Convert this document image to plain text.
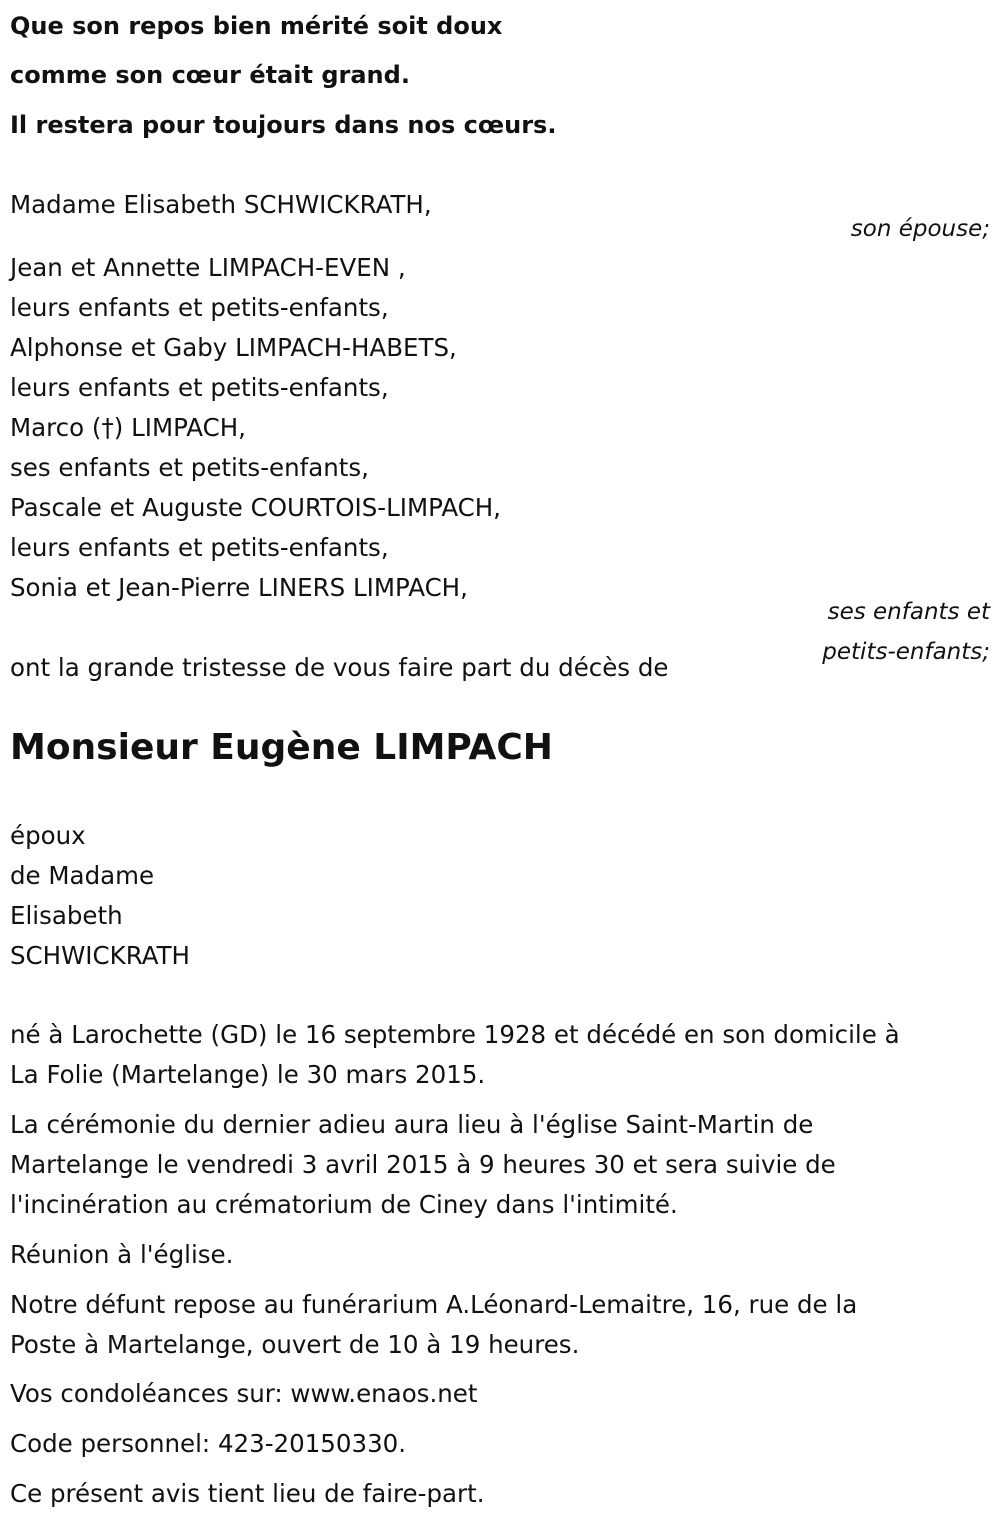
Que son repos bien mérité soit doux

comme son cœur était grand.

Il restera pour toujours dans nos cœurs.

Madame Elisabeth SCHWICKRATH,

son épouse;

Jean et Annette LIMPACH-EVEN ,

leurs enfants et petits-enfants,

Alphonse et Gaby LIMPACH-HABETS,

leurs enfants et petits-enfants,

Marco (†) LIMPACH,

ses enfants et petits-enfants,

Pascale et Auguste COURTOIS-LIMPACH,

leurs enfants et petits-enfants,

Sonia et Jean-Pierre LINERS LIMPACH,

ses enfants et

petits-enfants;

ont la grande tristesse de vous faire part du décès de

Monsieur Eugène LIMPACH

époux

de Madame

Elisabeth

SCHWICKRATH

né à Larochette (GD) le 16 septembre 1928 et décédé en son domicile à

La Folie (Martelange) le 30 mars 2015.

La cérémonie du dernier adieu aura lieu à l'église Saint-Martin de

Martelange le vendredi 3 avril 2015 à 9 heures 30 et sera suivie de

l'incinération au crématorium de Ciney dans l'intimité.

Réunion à l'église.

Notre défunt repose au funérarium A.Léonard-Lemaitre, 16, rue de la

Poste à Martelange, ouvert de 10 à 19 heures.

Vos condoléances sur: www.enaos.net

Code personnel: 423-20150330.

Ce présent avis tient lieu de faire-part.
